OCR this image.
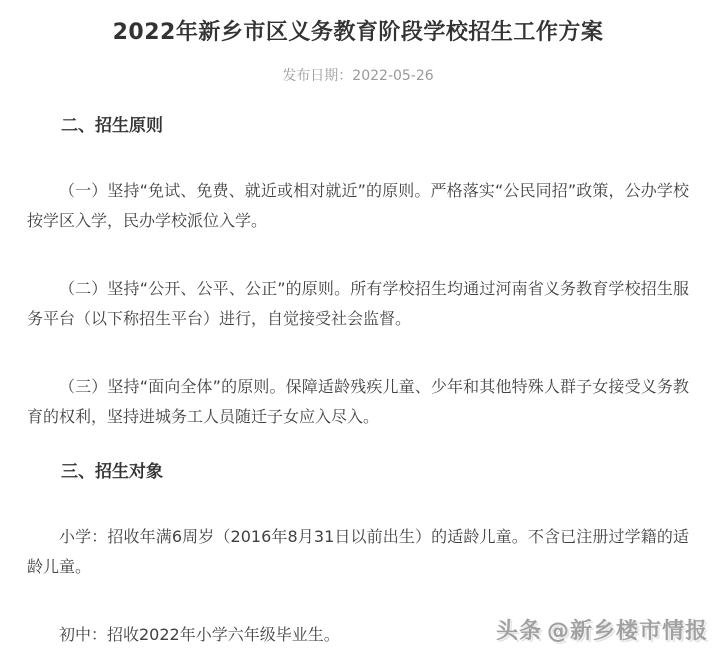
2022年新乡市区义务教育阶段学校招生工作方案
发布日期：2022-05-26
二、招生原则

（一）坚持“免试、免费、就近或相对就近”的原则。严格落实“公民同招”政策，公办学校按学区入学，民办学校派位入学。

（二）坚持“公开、公平、公正”的原则。所有学校招生均通过河南省义务教育学校招生服务平台（以下称招生平台）进行，自觉接受社会监督。

（三）坚持“面向全体”的原则。保障适龄残疾儿童、少年和其他特殊人群子女接受义务教育的权利，坚持进城务工人员随迁子女应入尽入。

三、招生对象

小学：招收年满6周岁（2016年8月31日以前出生）的适龄儿童。不含已注册过学籍的适龄儿童。

初中：招收2022年小学六年级毕业生。	头条 @新乡楼市情报
